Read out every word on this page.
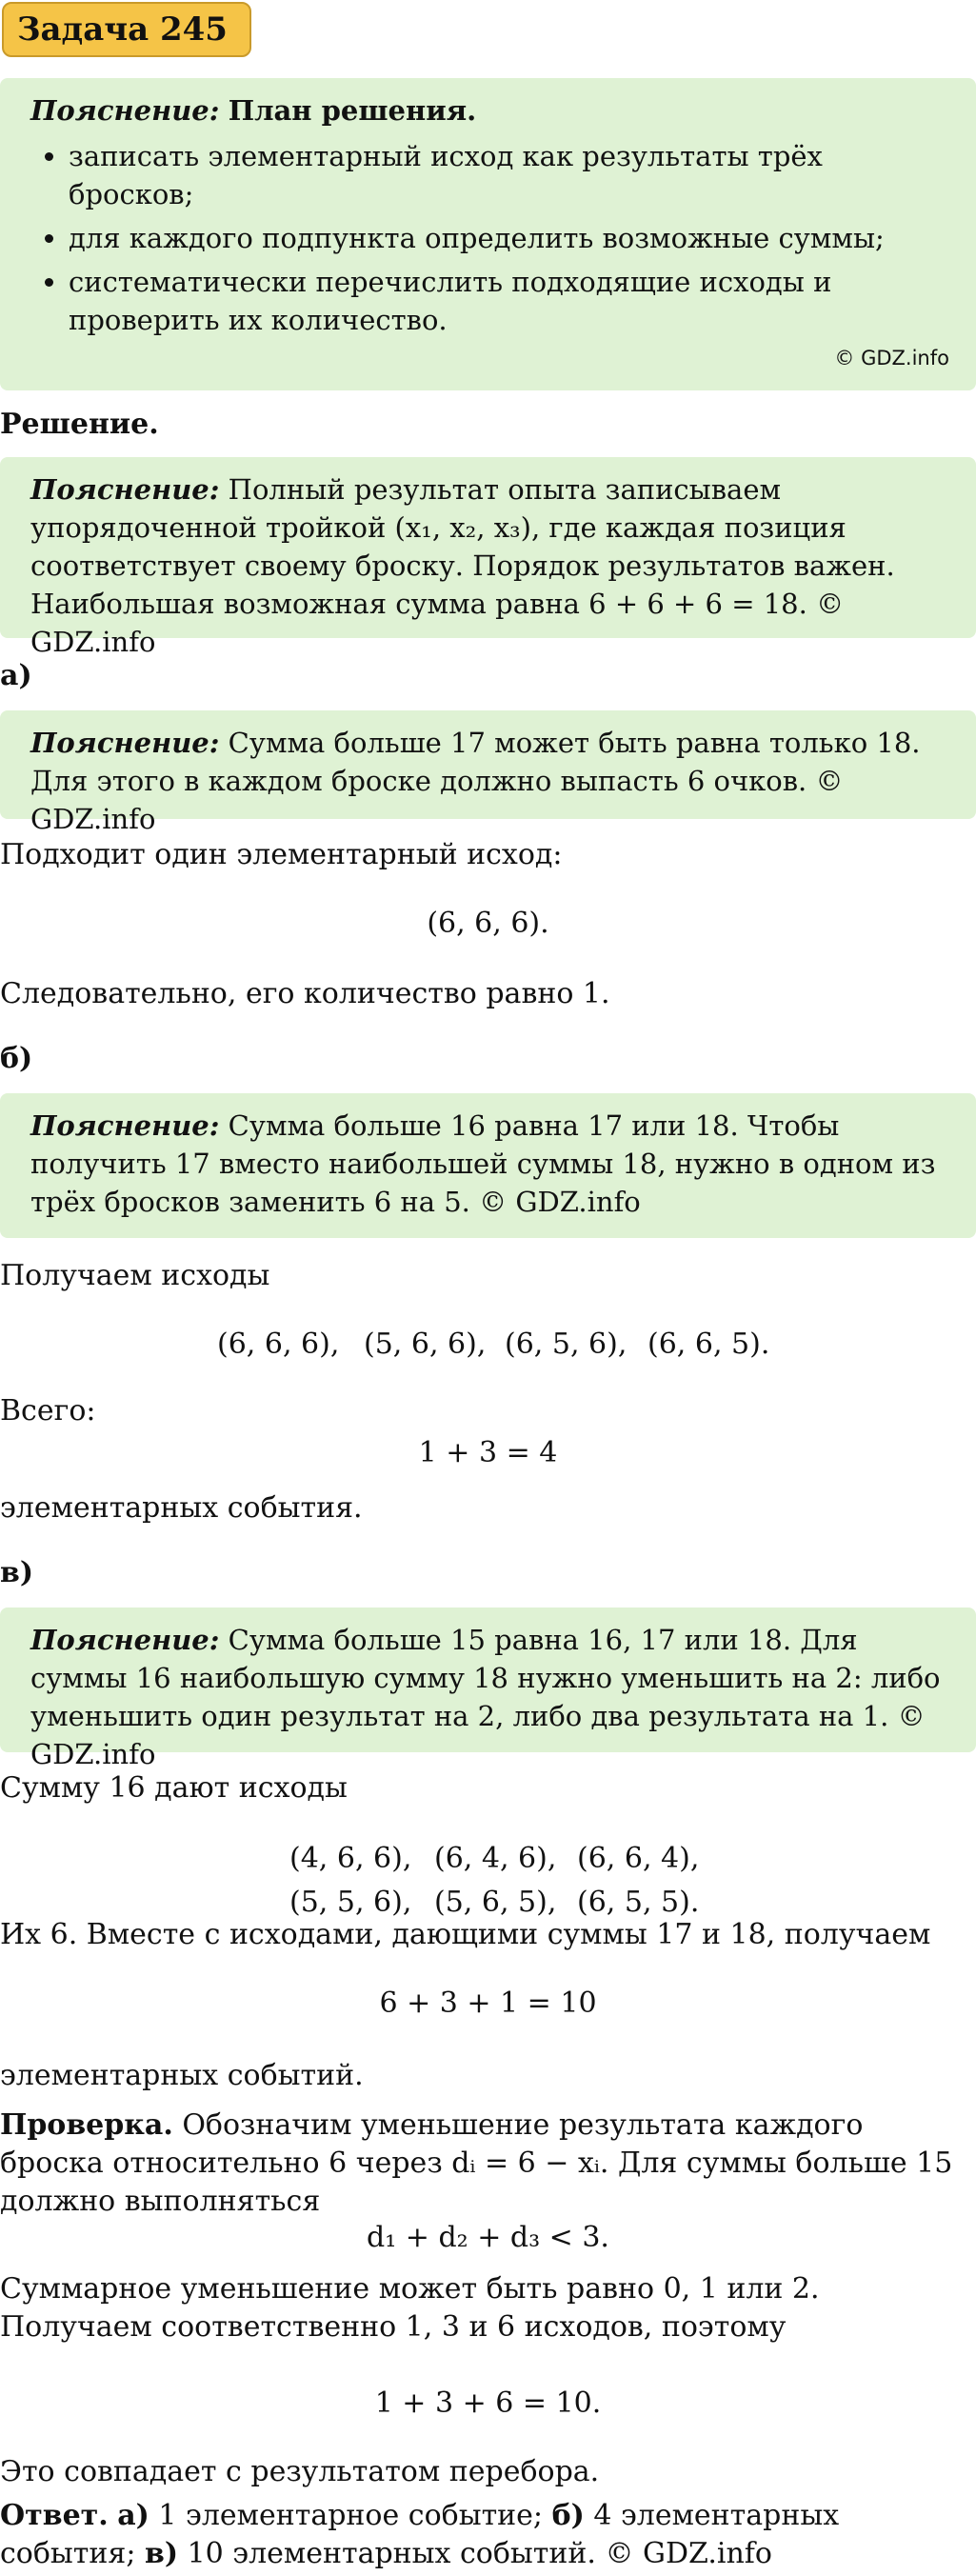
Задача 245
Пояснение: План решения.
• записать элементарный исход как результаты трёх бросков;
• для каждого подпункта определить возможные суммы;
• систематически перечислить подходящие исходы и проверить их количество.
© GDZ.info
Решение.
Пояснение: Полный результат опыта записываем упорядоченной тройкой (x₁, x₂, x₃), где каждая позиция соответствует своему броску. Порядок результатов важен. Наибольшая возможная сумма равна 6 + 6 + 6 = 18. © GDZ.info
а)
Пояснение: Сумма больше 17 может быть равна только 18. Для этого в каждом броске должно выпасть 6 очков. © GDZ.info
Подходит один элементарный исход:
(6, 6, 6).
Следовательно, его количество равно 1.
б)
Пояснение: Сумма больше 16 равна 17 или 18. Чтобы получить 17 вместо наибольшей суммы 18, нужно в одном из трёх бросков заменить 6 на 5. © GDZ.info
Получаем исходы
(6, 6, 6), (5, 6, 6), (6, 5, 6), (6, 6, 5).
Всего:
1 + 3 = 4
элементарных события.
в)
Пояснение: Сумма больше 15 равна 16, 17 или 18. Для суммы 16 наибольшую сумму 18 нужно уменьшить на 2: либо уменьшить один результат на 2, либо два результата на 1. © GDZ.info
Сумму 16 дают исходы
(4, 6, 6), (6, 4, 6), (6, 6, 4),
(5, 5, 6), (5, 6, 5), (6, 5, 5).
Их 6. Вместе с исходами, дающими суммы 17 и 18, получаем
6 + 3 + 1 = 10
элементарных событий.
Проверка. Обозначим уменьшение результата каждого броска относительно 6 через dᵢ = 6 − xᵢ. Для суммы больше 15 должно выполняться
d₁ + d₂ + d₃ < 3.
Суммарное уменьшение может быть равно 0, 1 или 2. Получаем соответственно 1, 3 и 6 исходов, поэтому
1 + 3 + 6 = 10.
Это совпадает с результатом перебора.
Ответ. а) 1 элементарное событие; б) 4 элементарных события; в) 10 элементарных событий. © GDZ.info
